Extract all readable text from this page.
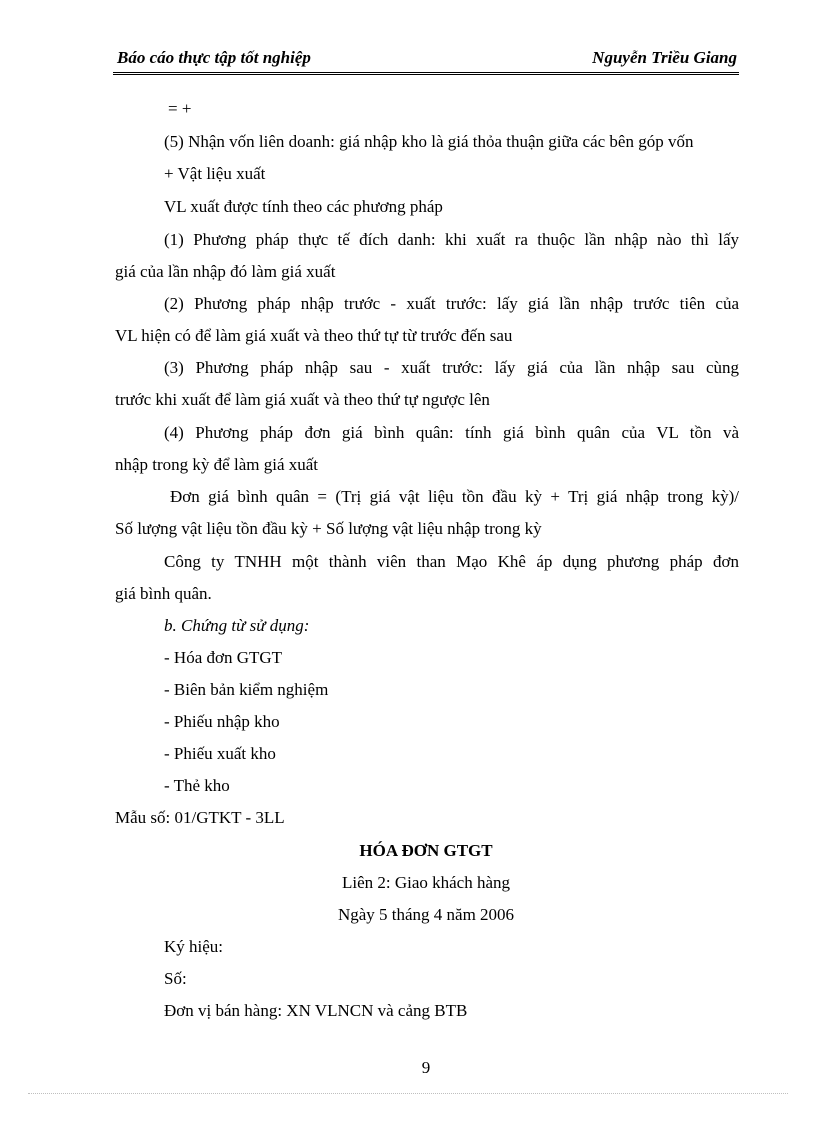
Báo cáo thực tập tốt nghiệp	Nguyễn Triều Giang
= +
(5) Nhận vốn liên doanh: giá nhập kho là giá thỏa thuận giữa các bên góp vốn
+ Vật liệu xuất
VL xuất được tính theo các phương pháp
(1) Phương pháp thực tế đích danh: khi xuất ra thuộc lần nhập nào thì lấy
giá của lần nhập đó làm giá xuất
(2) Phương pháp nhập trước - xuất trước: lấy giá lần nhập trước tiên của
VL hiện có để làm giá xuất và theo thứ tự từ trước đến sau
(3) Phương pháp nhập sau - xuất trước: lấy giá của lần nhập sau cùng
trước khi xuất để làm giá xuất và theo thứ tự ngược lên
(4) Phương pháp đơn giá bình quân: tính giá bình quân của VL tồn và
nhập trong kỳ để làm giá xuất
Đơn giá bình quân = (Trị giá vật liệu tồn đầu kỳ + Trị giá nhập trong kỳ)/
Số lượng vật liệu tồn đầu kỳ + Số lượng vật liệu nhập trong kỳ
Công ty TNHH một thành viên than Mạo Khê áp dụng phương pháp đơn
giá bình quân.
b. Chứng từ sử dụng:
- Hóa đơn GTGT
- Biên bản kiểm nghiệm
- Phiếu nhập kho
- Phiếu xuất kho
- Thẻ kho
Mẫu số: 01/GTKT - 3LL
HÓA ĐƠN GTGT
Liên 2: Giao khách hàng
Ngày 5 tháng 4 năm 2006
Ký hiệu:
Số:
Đơn vị bán hàng: XN VLNCN và cảng BTB
9
